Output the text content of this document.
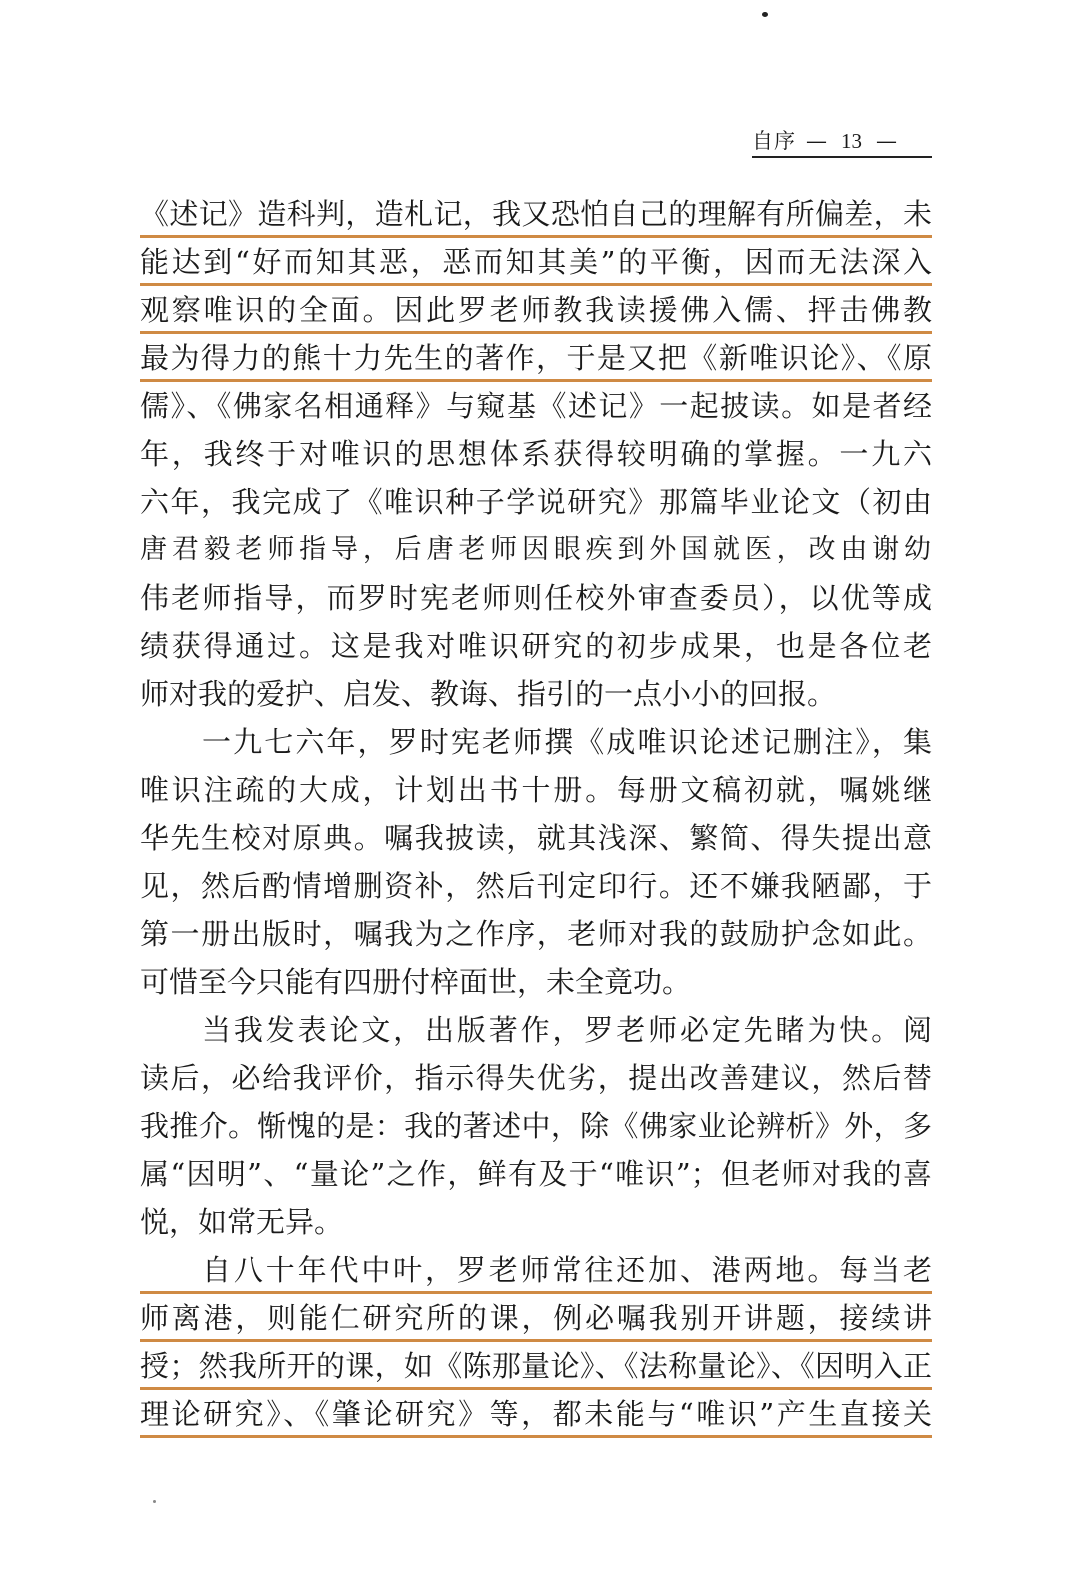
自序 — 13 —
《述记》造科判，造札记，我又恐怕自己的理解有所偏差，未
能达到“好而知其恶，恶而知其美”的平衡，因而无法深入
观察唯识的全面。因此罗老师教我读援佛入儒、抨击佛教
最为得力的熊十力先生的著作，于是又把《新唯识论》、《原
儒》、《佛家名相通释》与窥基《述记》一起披读。如是者经
年，我终于对唯识的思想体系获得较明确的掌握。一九六
六年，我完成了《唯识种子学说研究》那篇毕业论文（初由
唐君毅老师指导，后唐老师因眼疾到外国就医，改由谢幼
伟老师指导，而罗时宪老师则任校外审查委员），以优等成
绩获得通过。这是我对唯识研究的初步成果，也是各位老
师对我的爱护、启发、教诲、指引的一点小小的回报。
一九七六年，罗时宪老师撰《成唯识论述记删注》，集
唯识注疏的大成，计划出书十册。每册文稿初就，嘱姚继
华先生校对原典。嘱我披读，就其浅深、繁简、得失提出意
见，然后酌情增删资补，然后刊定印行。还不嫌我陋鄙，于
第一册出版时，嘱我为之作序，老师对我的鼓励护念如此。
可惜至今只能有四册付梓面世，未全竟功。
当我发表论文，出版著作，罗老师必定先睹为快。阅
读后，必给我评价，指示得失优劣，提出改善建议，然后替
我推介。惭愧的是：我的著述中，除《佛家业论辨析》外，多
属“因明”、“量论”之作，鲜有及于“唯识”；但老师对我的喜
悦，如常无异。
自八十年代中叶，罗老师常往还加、港两地。每当老
师离港，则能仁研究所的课，例必嘱我别开讲题，接续讲
授；然我所开的课，如《陈那量论》、《法称量论》、《因明入正
理论研究》、《肇论研究》等，都未能与“唯识”产生直接关
